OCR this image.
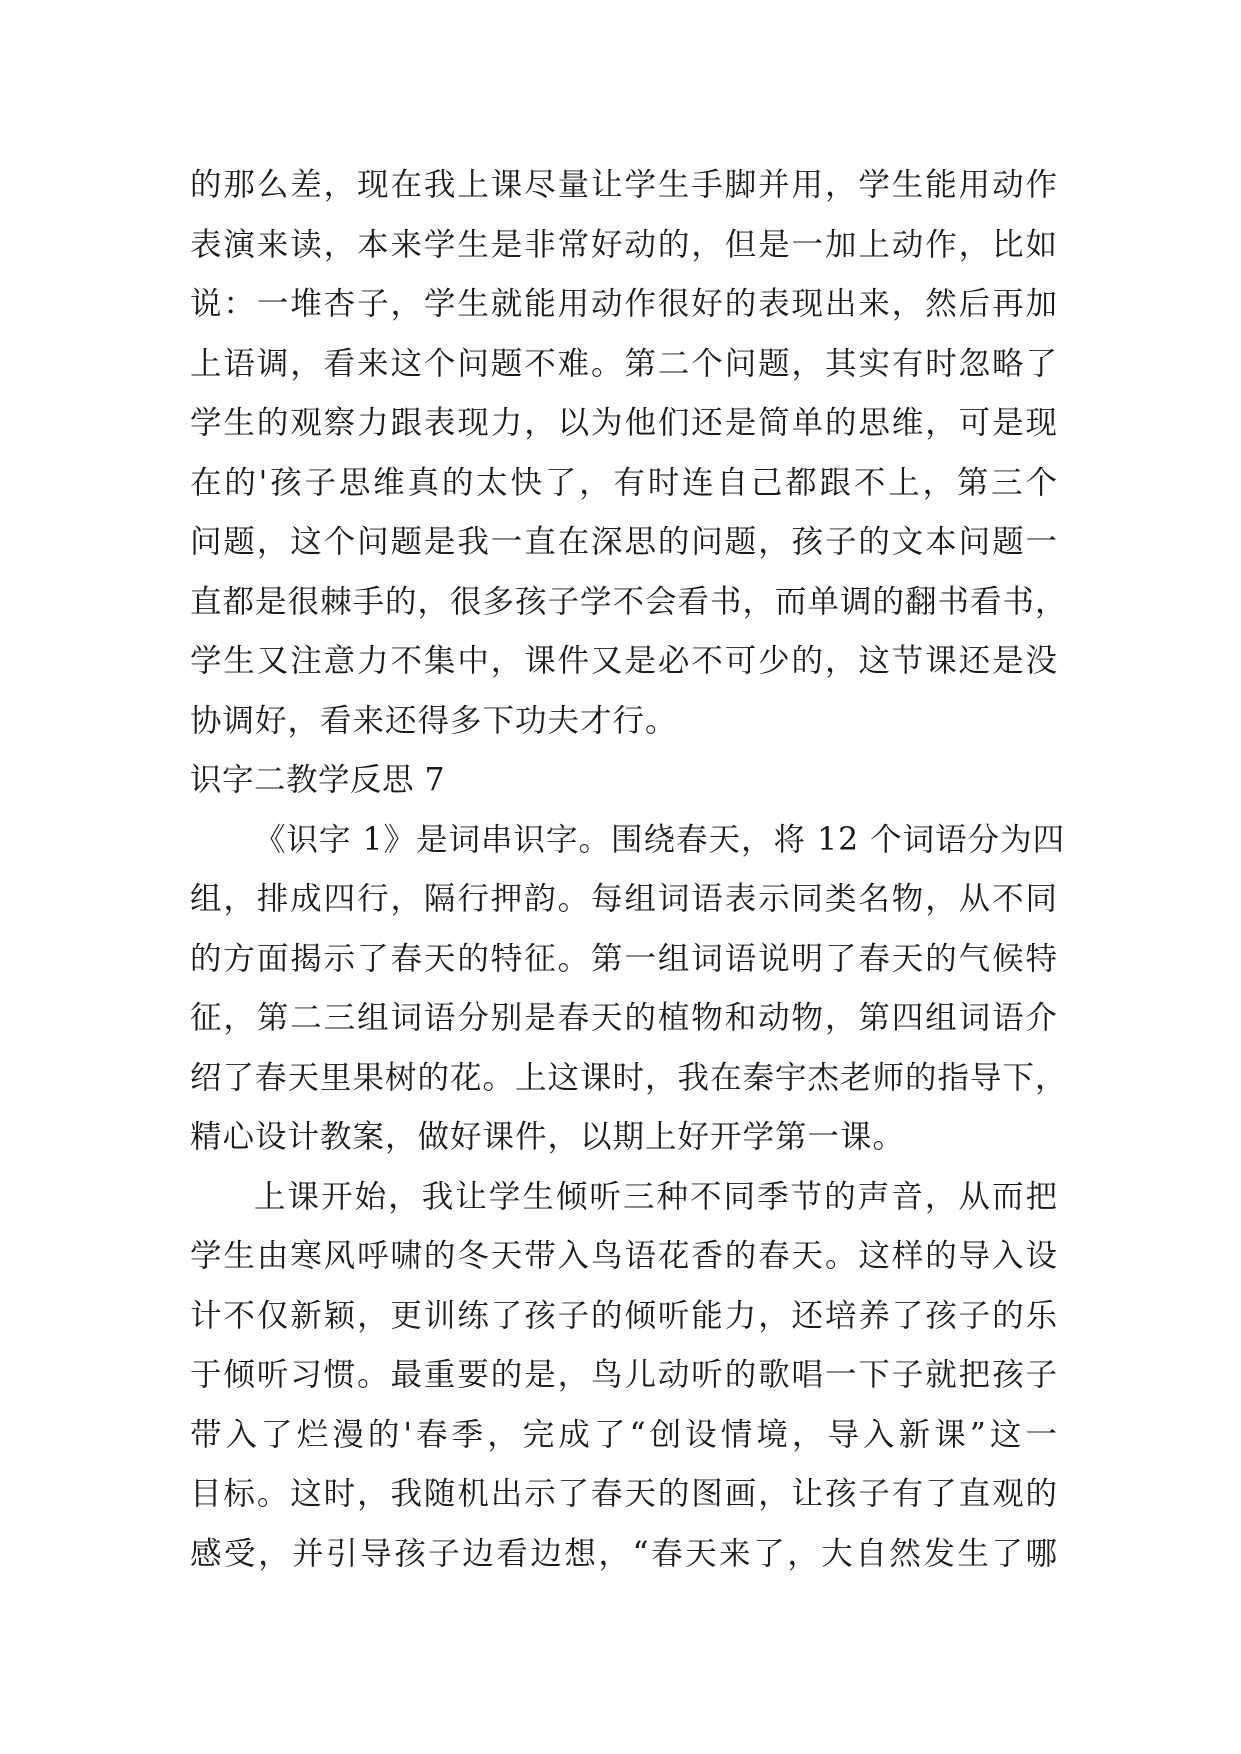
的那么差，现在我上课尽量让学生手脚并用，学生能用动作
表演来读，本来学生是非常好动的，但是一加上动作，比如
说：一堆杏子，学生就能用动作很好的表现出来，然后再加
上语调，看来这个问题不难。第二个问题，其实有时忽略了
学生的观察力跟表现力，以为他们还是简单的思维，可是现
在的'孩子思维真的太快了，有时连自己都跟不上，第三个
问题，这个问题是我一直在深思的问题，孩子的文本问题一
直都是很棘手的，很多孩子学不会看书，而单调的翻书看书，
学生又注意力不集中，课件又是必不可少的，这节课还是没
协调好，看来还得多下功夫才行。
识字二教学反思 7
《识字 1》是词串识字。围绕春天，将 12 个词语分为四
组，排成四行，隔行押韵。每组词语表示同类名物，从不同
的方面揭示了春天的特征。第一组词语说明了春天的气候特
征，第二三组词语分别是春天的植物和动物，第四组词语介
绍了春天里果树的花。上这课时，我在秦宇杰老师的指导下，
精心设计教案，做好课件，以期上好开学第一课。
上课开始，我让学生倾听三种不同季节的声音，从而把
学生由寒风呼啸的冬天带入鸟语花香的春天。这样的导入设
计不仅新颖，更训练了孩子的倾听能力，还培养了孩子的乐
于倾听习惯。最重要的是，鸟儿动听的歌唱一下子就把孩子
带入了烂漫的'春季，完成了“创设情境，导入新课”这一
目标。这时，我随机出示了春天的图画，让孩子有了直观的
感受，并引导孩子边看边想，“春天来了，大自然发生了哪
